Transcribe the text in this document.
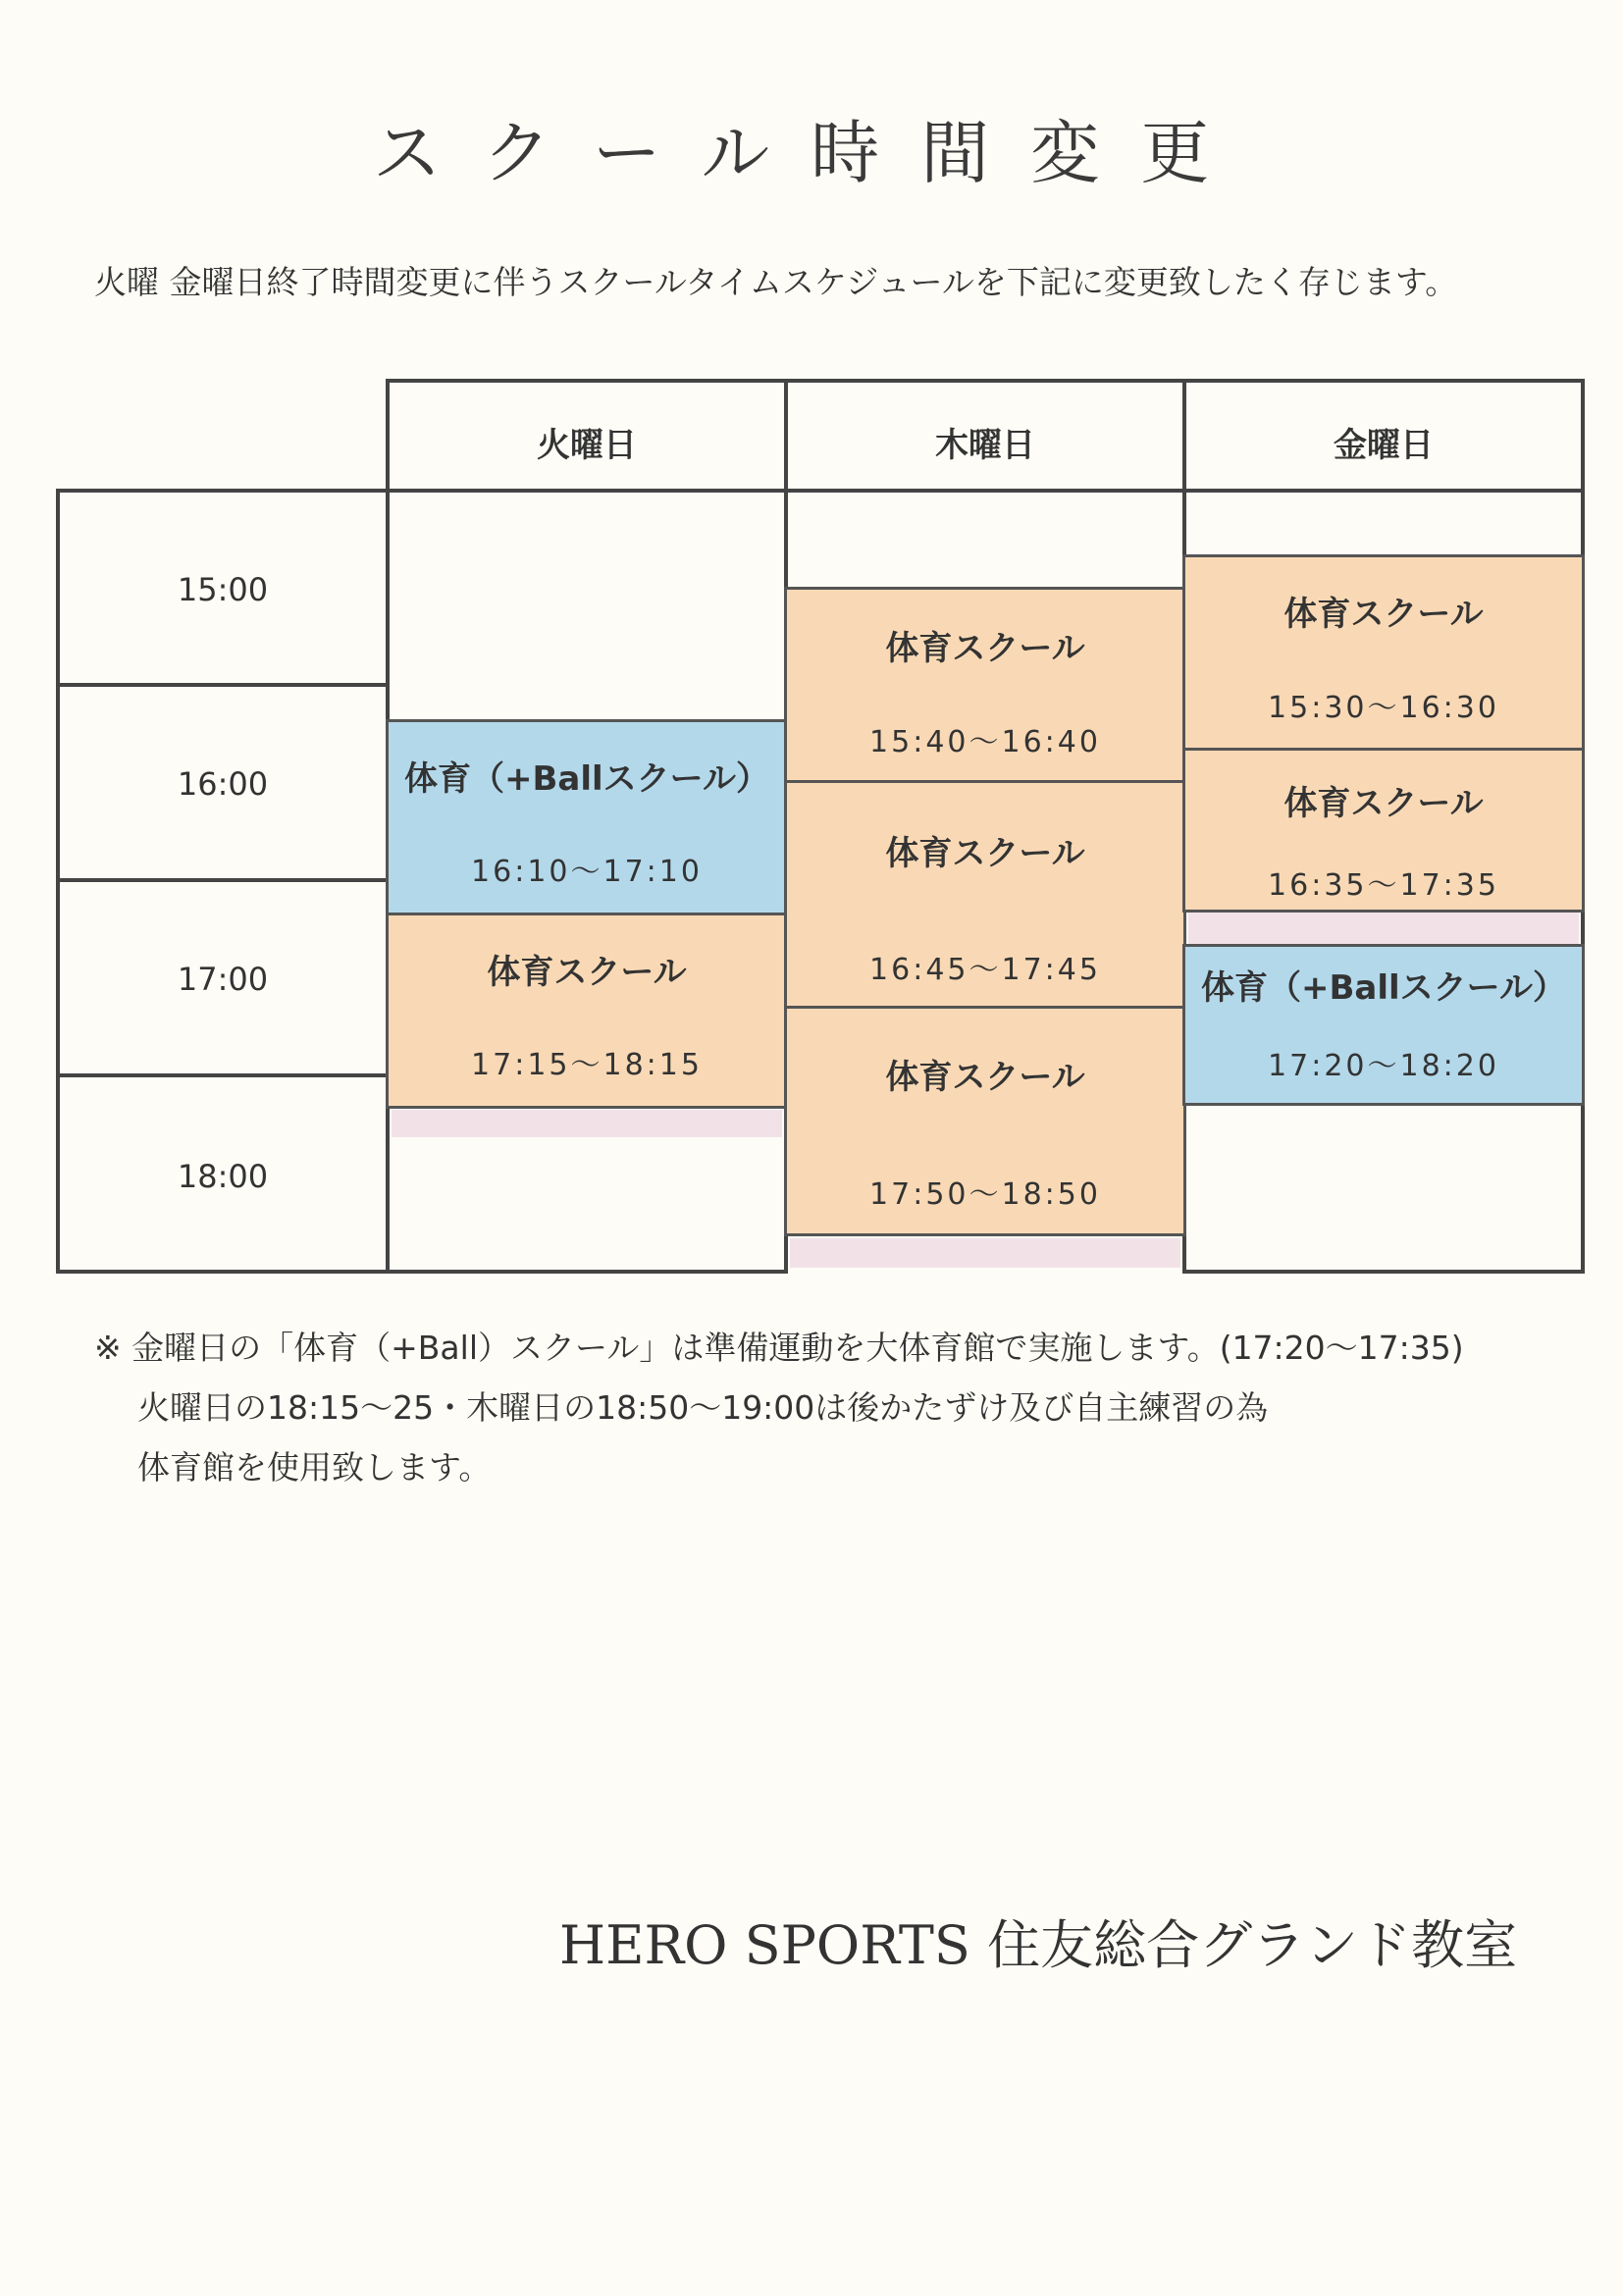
スクール時間変更
火曜 金曜日終了時間変更に伴うスクールタイムスケジュールを下記に変更致したく存じます。
火曜日	木曜日	金曜日
15:00
16:00
17:00
18:00
体育（+Ballスクール）
16:10〜17:10
体育スクール
17:15〜18:15
体育スクール
15:40〜16:40
体育スクール
16:45〜17:45
体育スクール
17:50〜18:50
体育スクール
15:30〜16:30
体育スクール
16:35〜17:35
体育（+Ballスクール）
17:20〜18:20
※ 金曜日の「体育（+Ball）スクール」は準備運動を大体育館で実施します。(17:20〜17:35)
火曜日の18:15〜25・木曜日の18:50〜19:00は後かたずけ及び自主練習の為
体育館を使用致します。
HERO SPORTS 住友総合グランド教室
